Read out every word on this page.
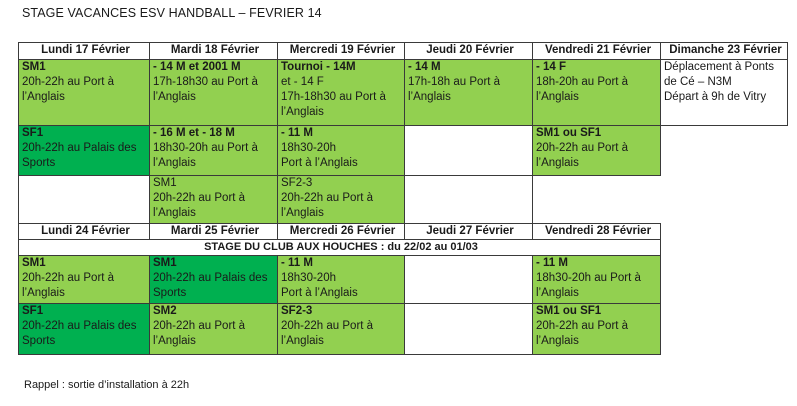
STAGE VACANCES ESV HANDBALL – FEVRIER 14
Lundi 17 Février	Mardi 18 Février	Mercredi 19 Février	Jeudi 20 Février	Vendredi 21 Février	Dimanche 23 Février

SM1
20h-22h au Port à
l’Anglais	- 14 M et 2001 M
17h-18h30 au Port à
l’Anglais	Tournoi - 14M
et - 14 F
17h-18h30 au Port à
l’Anglais	- 14 M
17h-18h au Port à
l’Anglais	- 14 F
18h-20h au Port à
l’Anglais	Déplacement à Ponts
de Cé – N3M
Départ à 9h de Vitry

SF1
20h-22h au Palais des
Sports	- 16 M et - 18 M
18h30-20h au Port à
l’Anglais	- 11 M
18h30-20h
Port à l’Anglais		SM1 ou SF1
20h-22h au Port à
l’Anglais	

	SM1
20h-22h au Port à
l’Anglais	SF2-3
20h-22h au Port à
l’Anglais			

Lundi 24 Février	Mardi 25 Février	Mercredi 26 Février	Jeudi 27 Février	Vendredi 28 Février	
STAGE DU CLUB AUX HOUCHES : du 22/02 au 01/03					

SM1
20h-22h au Port à
l’Anglais	SM1
20h-22h au Palais des
Sports	- 11 M
18h30-20h
Port à l’Anglais		- 11 M
18h30-20h au Port à
l’Anglais	

SF1
20h-22h au Palais des
Sports	SM2
20h-22h au Port à
l’Anglais	SF2-3
20h-22h au Port à
l’Anglais		SM1 ou SF1
20h-22h au Port à
l’Anglais	

Rappel : sortie d’installation à 22h
